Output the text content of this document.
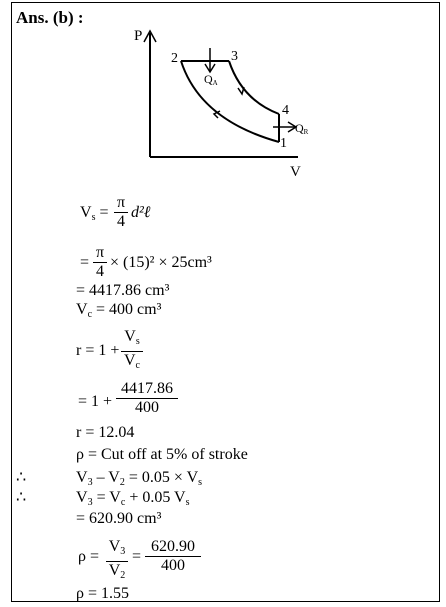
Ans. (b) :
P
V
2	3
4
1
QA
QR
$V_s = \frac{\pi}{4}$ d²ℓ
= $\frac{\pi}{4} \times (15)^2 \times 25cm^3$
= 4417.86 cm³
$V_c = 400$ cm³
$r = 1 + \frac{V_s}{V_c}$
= $1 + \frac{4417.86}{400}$
r = 12.04
ρ = Cut off at 5% of stroke
∴	$V_3 - V_2 = 0.05 \times V_s$
∴	$V_3 = V_c + 0.05$ $V_s$
= 620.90 cm³
$\rho = \frac{V_3}{V_2} = \frac{620.90}{400}$
ρ = 1.55
